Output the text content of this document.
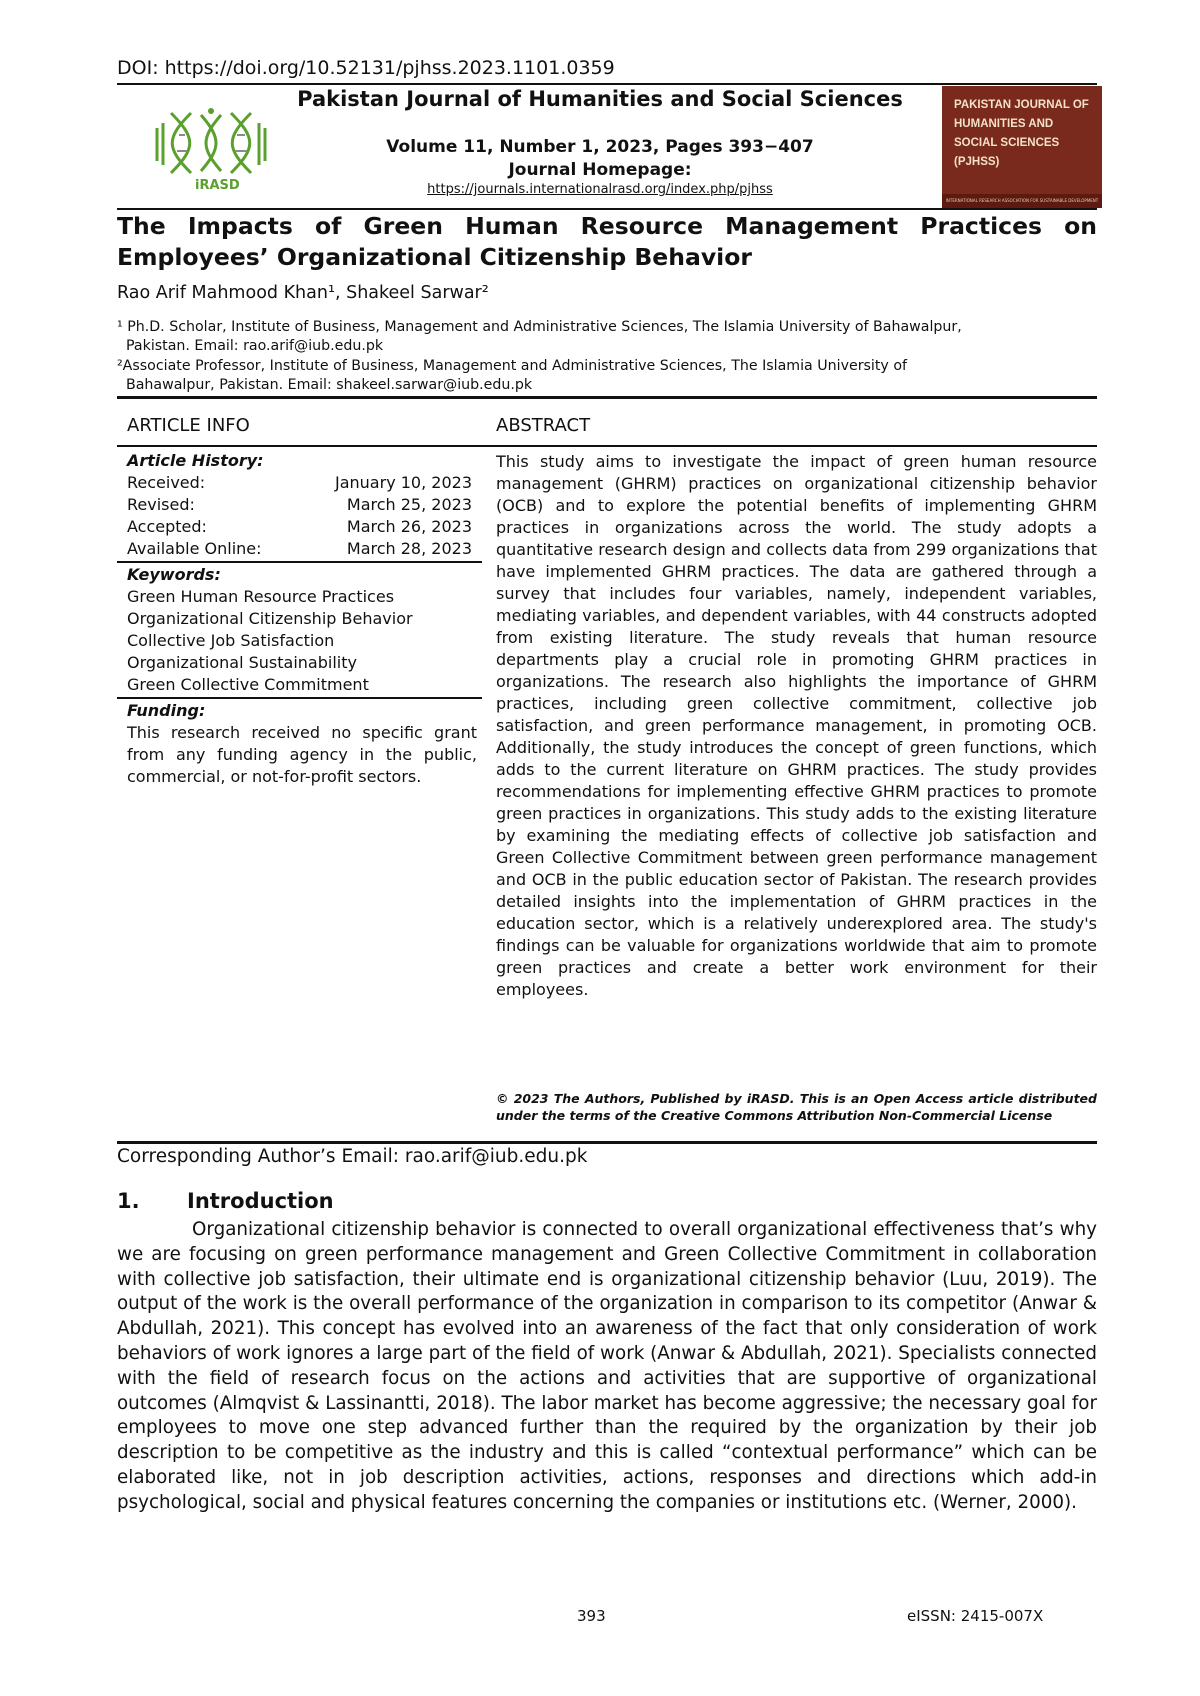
DOI: https://doi.org/10.52131/pjhss.2023.1101.0359
iRASD
Pakistan Journal of Humanities and Social Sciences
Volume 11, Number 1, 2023, Pages 393−407
Journal Homepage:
https://journals.internationalrasd.org/index.php/pjhss
PAKISTAN JOURNAL OF HUMANITIES AND SOCIAL SCIENCES (PJHSS)
INTERNATIONAL RESEARCH ASSOCIATION FOR SUSTAINABLE DEVELOPMENT
The Impacts of Green Human Resource Management Practices on Employees’ Organizational Citizenship Behavior
Rao Arif Mahmood Khan¹, Shakeel Sarwar²
¹ Ph.D. Scholar, Institute of Business, Management and Administrative Sciences, The Islamia University of Bahawalpur,
Pakistan. Email: rao.arif@iub.edu.pk
²Associate Professor, Institute of Business, Management and Administrative Sciences, The Islamia University of
Bahawalpur, Pakistan. Email: shakeel.sarwar@iub.edu.pk
ARTICLE INFO	ABSTRACT
Article History:
Received:	January 10, 2023
Revised:	March 25, 2023
Accepted:	March 26, 2023
Available Online:	March 28, 2023
Keywords:
Green Human Resource Practices
Organizational Citizenship Behavior
Collective Job Satisfaction
Organizational Sustainability
Green Collective Commitment
Funding:
This research received no specific grant from any funding agency in the public, commercial, or not-for-profit sectors.
This study aims to investigate the impact of green human resource management (GHRM) practices on organizational citizenship behavior (OCB) and to explore the potential benefits of implementing GHRM practices in organizations across the world. The study adopts a quantitative research design and collects data from 299 organizations that have implemented GHRM practices. The data are gathered through a survey that includes four variables, namely, independent variables, mediating variables, and dependent variables, with 44 constructs adopted from existing literature. The study reveals that human resource departments play a crucial role in promoting GHRM practices in organizations. The research also highlights the importance of GHRM practices, including green collective commitment, collective job satisfaction, and green performance management, in promoting OCB. Additionally, the study introduces the concept of green functions, which adds to the current literature on GHRM practices. The study provides recommendations for implementing effective GHRM practices to promote green practices in organizations. This study adds to the existing literature by examining the mediating effects of collective job satisfaction and Green Collective Commitment between green performance management and OCB in the public education sector of Pakistan. The research provides detailed insights into the implementation of GHRM practices in the education sector, which is a relatively underexplored area. The study's findings can be valuable for organizations worldwide that aim to promote green practices and create a better work environment for their employees.
© 2023 The Authors, Published by iRASD. This is an Open Access article distributed under the terms of the Creative Commons Attribution Non-Commercial License
Corresponding Author’s Email: rao.arif@iub.edu.pk
1. Introduction
Organizational citizenship behavior is connected to overall organizational effectiveness that’s why we are focusing on green performance management and Green Collective Commitment in collaboration with collective job satisfaction, their ultimate end is organizational citizenship behavior (Luu, 2019). The output of the work is the overall performance of the organization in comparison to its competitor (Anwar & Abdullah, 2021). This concept has evolved into an awareness of the fact that only consideration of work behaviors of work ignores a large part of the field of work (Anwar & Abdullah, 2021). Specialists connected with the field of research focus on the actions and activities that are supportive of organizational outcomes (Almqvist & Lassinantti, 2018). The labor market has become aggressive; the necessary goal for employees to move one step advanced further than the required by the organization by their job description to be competitive as the industry and this is called “contextual performance” which can be elaborated like, not in job description activities, actions, responses and directions which add-in psychological, social and physical features concerning the companies or institutions etc. (Werner, 2000).
393	eISSN: 2415-007X
